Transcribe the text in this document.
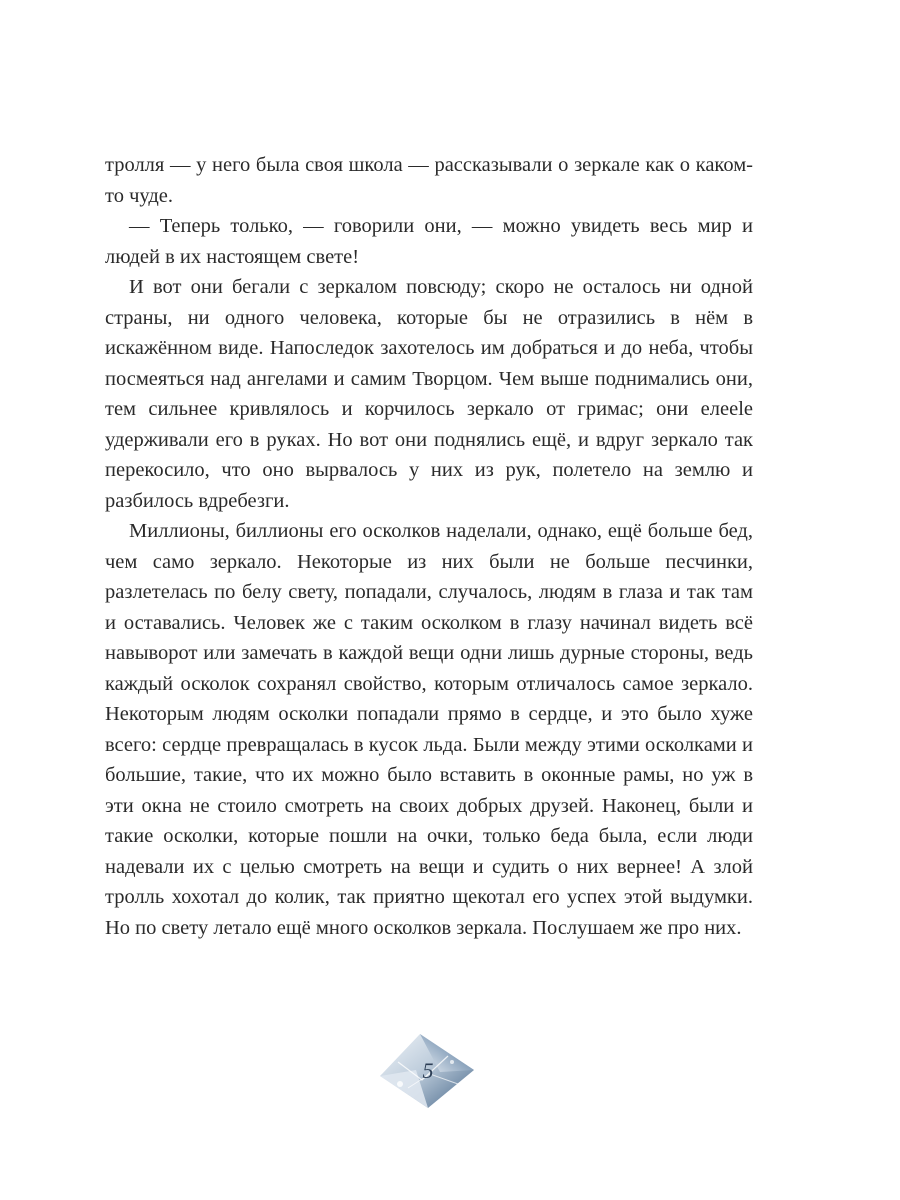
тролля — у него была своя школа — рассказывали о зеркале как о каком-то чуде.

— Теперь только, — говорили они, — можно увидеть весь мир и людей в их настоящем свете!

И вот они бегали с зеркалом повсюду; скоро не осталось ни одной страны, ни одного человека, которые бы не отразились в нём в искажённом виде. Напоследок захотелось им добраться и до неба, чтобы посмеяться над ангелами и самим Творцом. Чем выше поднимались они, тем сильнее кривлялось и корчилось зеркало от гримас; они елеele удерживали его в руках. Но вот они поднялись ещё, и вдруг зеркало так перекосило, что оно вырвалось у них из рук, полетело на землю и разбилось вдребезги.

Миллионы, биллионы его осколков наделали, однако, ещё больше бед, чем само зеркало. Некоторые из них были не больше песчинки, разлетелась по белу свету, попадали, случалось, людям в глаза и так там и оставались. Человек же с таким осколком в глазу начинал видеть всё навыворот или замечать в каждой вещи одни лишь дурные стороны, ведь каждый осколок сохранял свойство, которым отличалось самое зеркало. Некоторым людям осколки попадали прямо в сердце, и это было хуже всего: сердце превращалась в кусок льда. Были между этими осколками и большие, такие, что их можно было вставить в оконные рамы, но уж в эти окна не стоило смотреть на своих добрых друзей. Наконец, были и такие осколки, которые пошли на очки, только беда была, если люди надевали их с целью смотреть на вещи и судить о них вернее! А злой тролль хохотал до колик, так приятно щекотал его успех этой выдумки. Но по свету летало ещё много осколков зеркала. Послушаем же про них.

5
